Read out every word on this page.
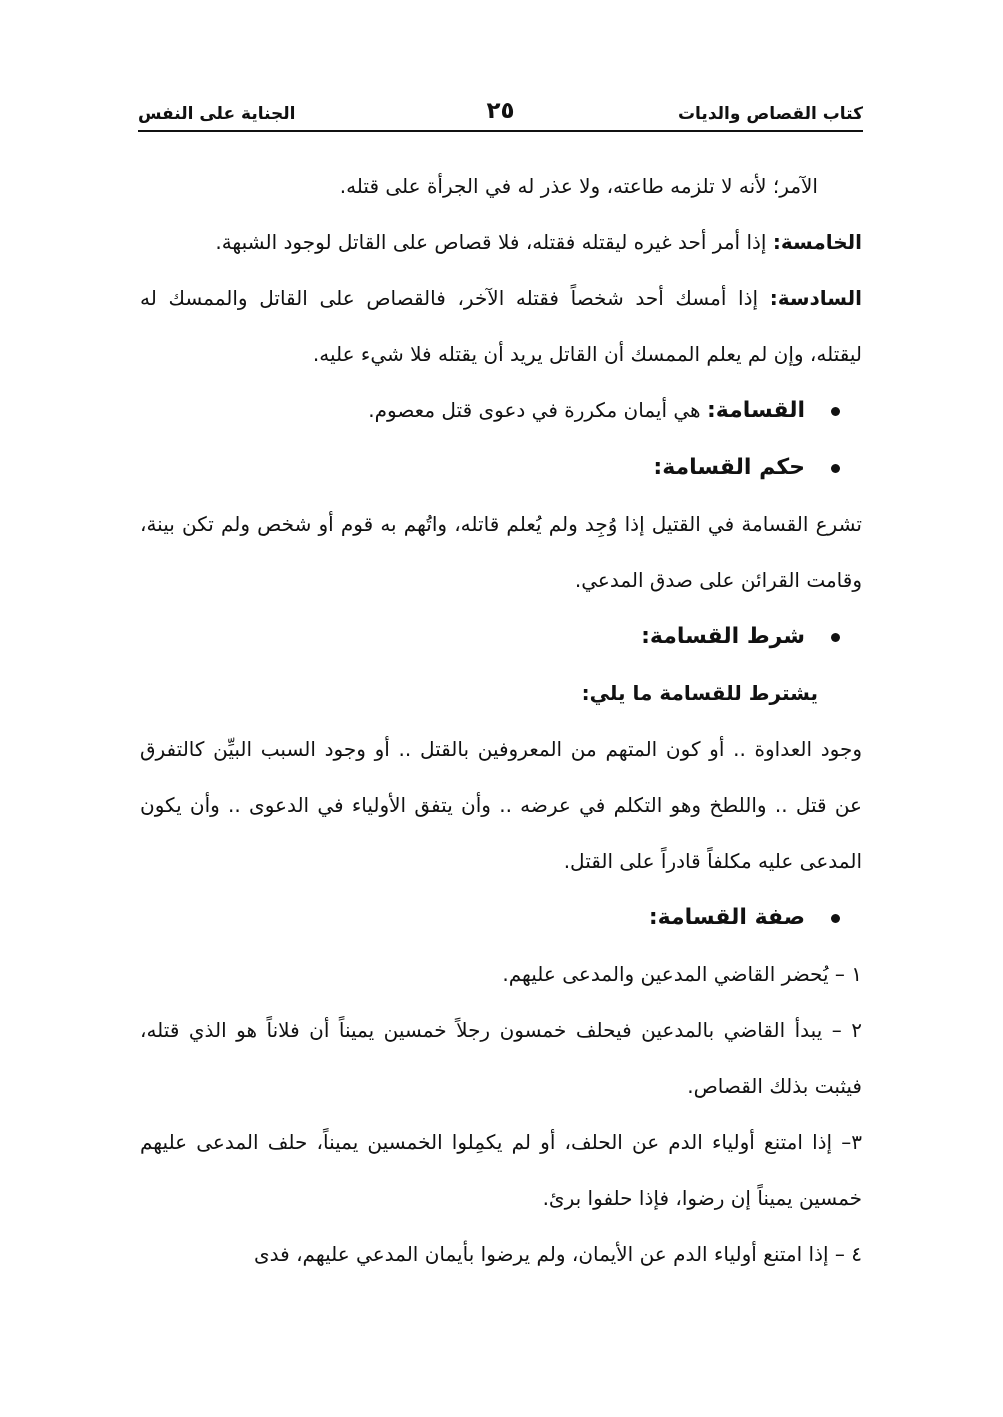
كتاب القصاص والديات
٢٥
الجناية على النفس

الآمر؛ لأنه لا تلزمه طاعته، ولا عذر له في الجرأة على قتله.

الخامسة: إذا أمر أحد غيره ليقتله فقتله، فلا قصاص على القاتل لوجود الشبهة.

السادسة: إذا أمسك أحد شخصاً فقتله الآخر، فالقصاص على القاتل والممسك له ليقتله، وإن لم يعلم الممسك أن القاتل يريد أن يقتله فلا شيء عليه.

القسامة: هي أيمان مكررة في دعوى قتل معصوم.

حكم القسامة:

تشرع القسامة في القتيل إذا وُجِد ولم يُعلم قاتله، واتُهم به قوم أو شخص ولم تكن بينة، وقامت القرائن على صدق المدعي.

شرط القسامة:

يشترط للقسامة ما يلي:

وجود العداوة .. أو كون المتهم من المعروفين بالقتل .. أو وجود السبب البيِّن كالتفرق عن قتل .. واللطخ وهو التكلم في عرضه .. وأن يتفق الأولياء في الدعوى .. وأن يكون المدعى عليه مكلفاً قادراً على القتل.

صفة القسامة:

١ – يُحضر القاضي المدعين والمدعى عليهم.

٢ – يبدأ القاضي بالمدعين فيحلف خمسون رجلاً خمسين يميناً أن فلاناً هو الذي قتله، فيثبت بذلك القصاص.

٣– إذا امتنع أولياء الدم عن الحلف، أو لم يكمِلوا الخمسين يميناً، حلف المدعى عليهم خمسين يميناً إن رضوا، فإذا حلفوا برئ.

٤ – إذا امتنع أولياء الدم عن الأيمان، ولم يرضوا بأيمان المدعي عليهم، فدى
